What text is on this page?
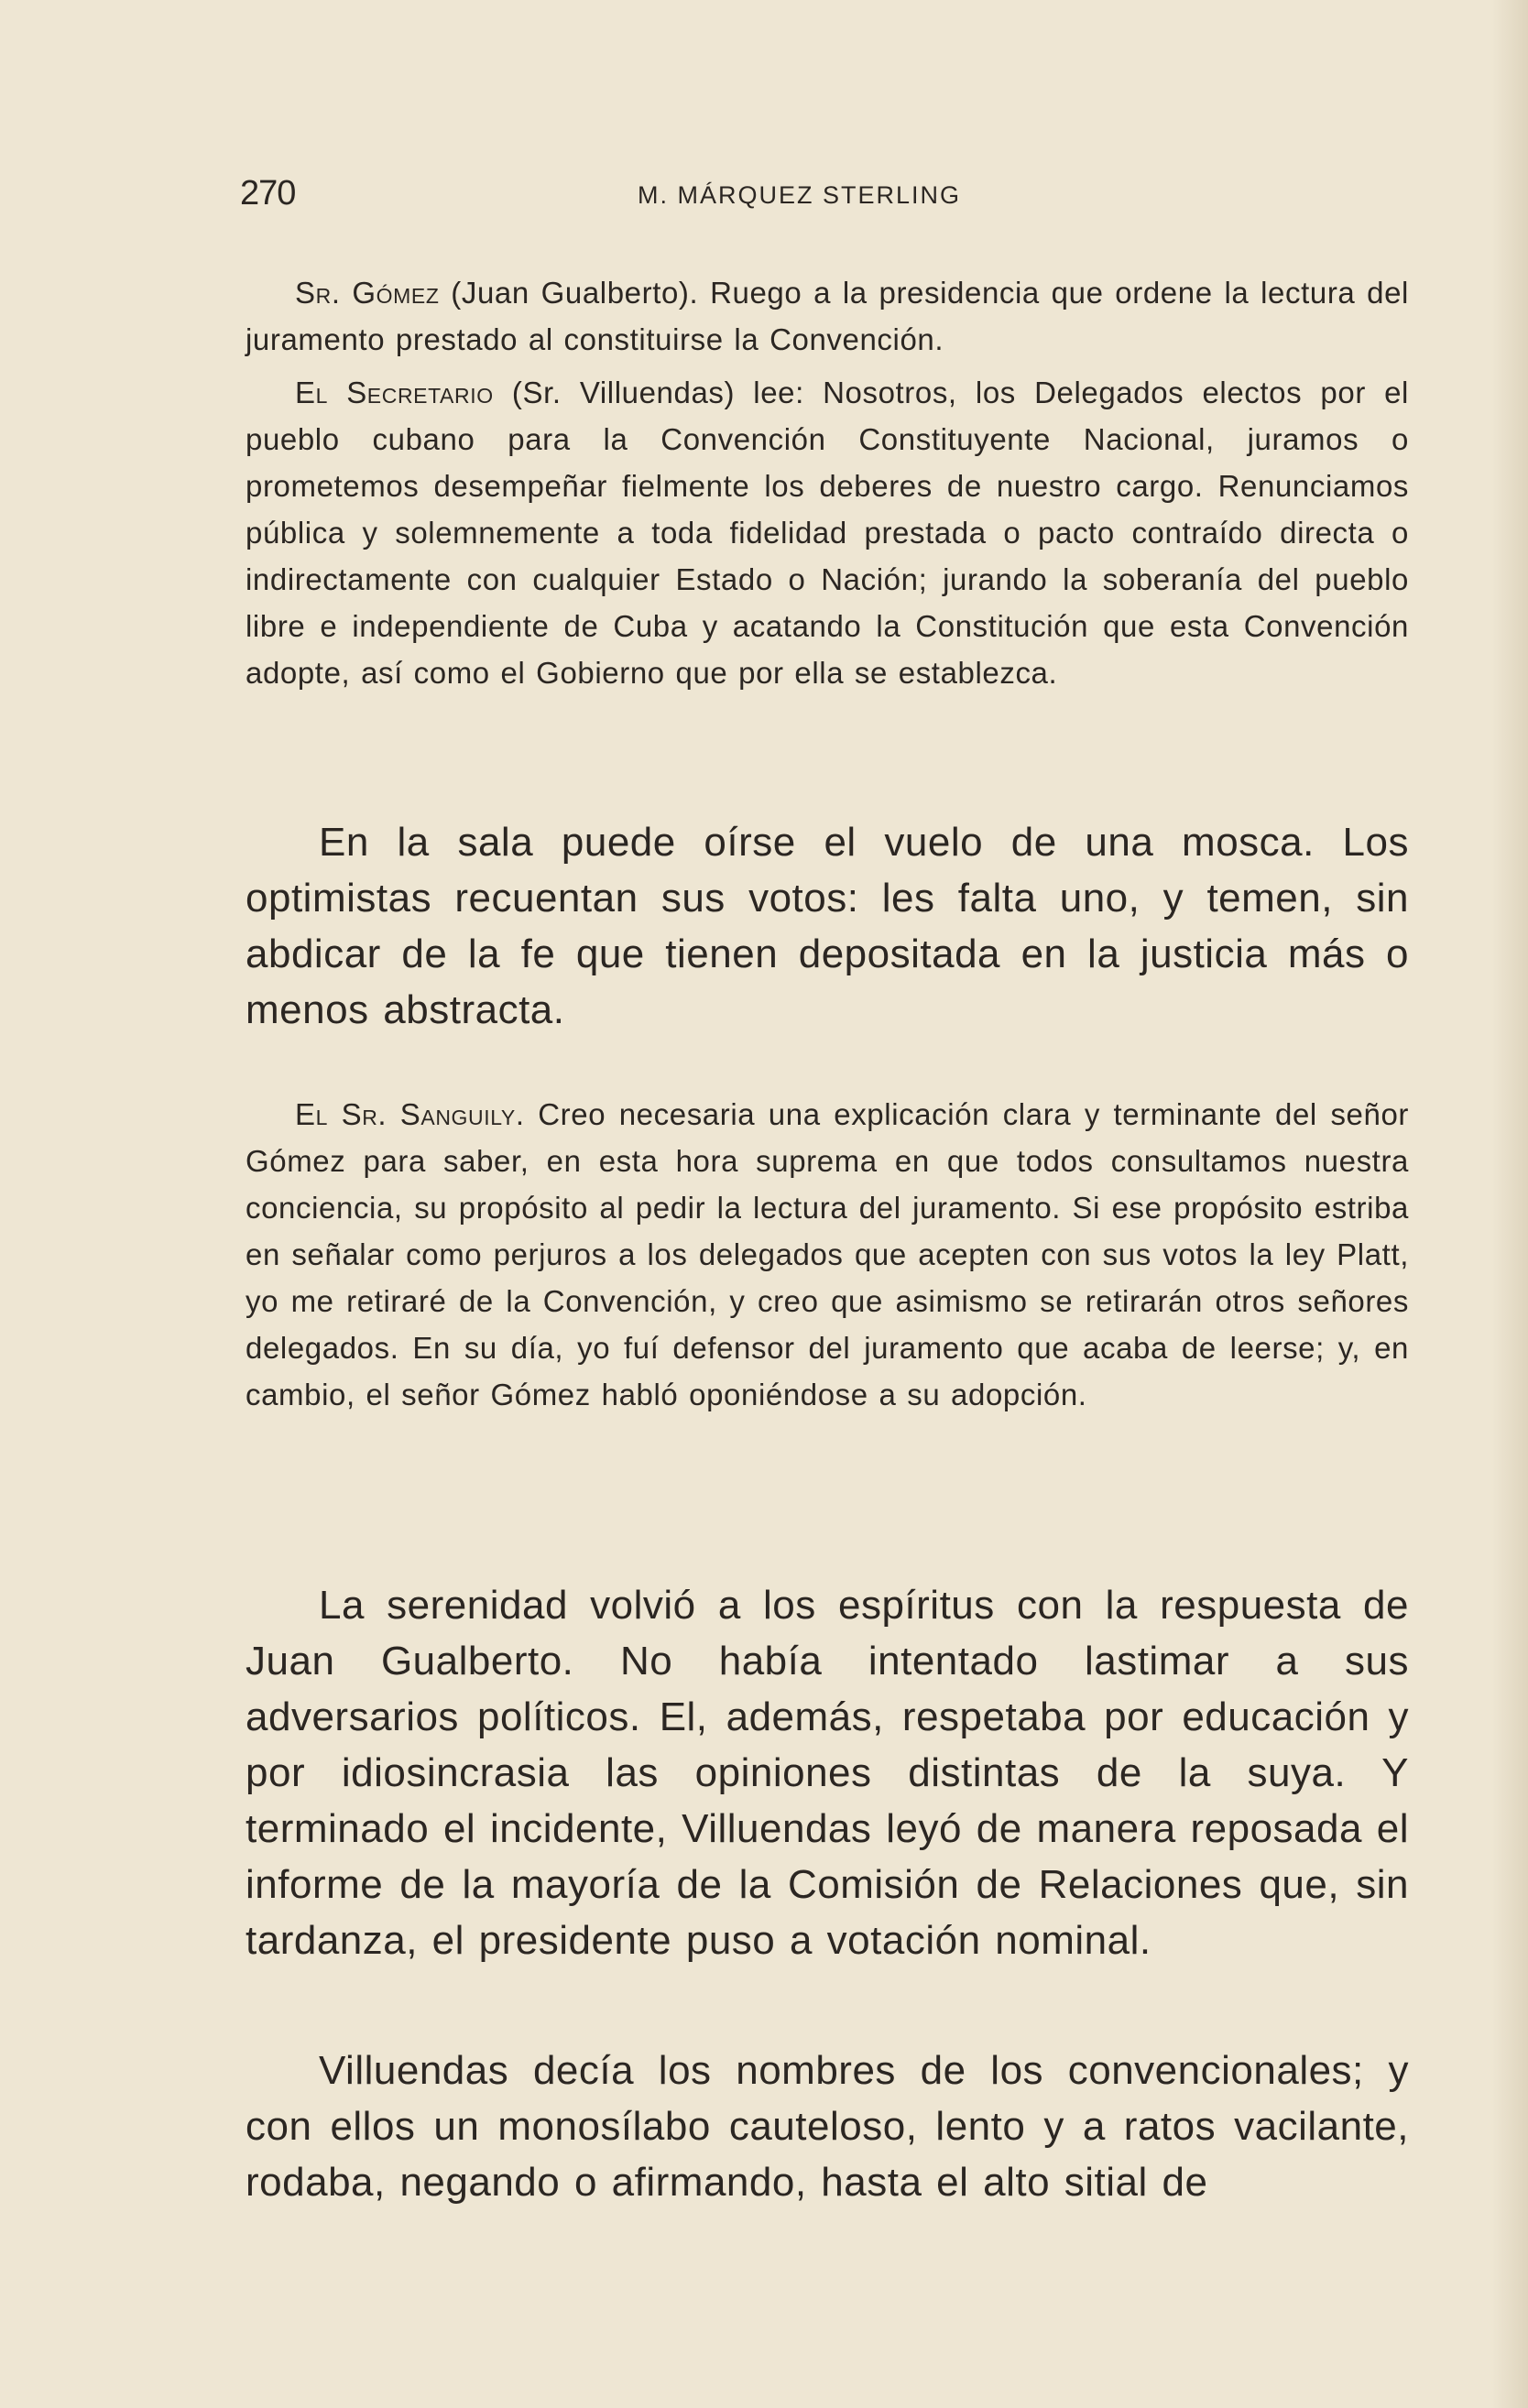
270	M. MÁRQUEZ STERLING

Sr. Gómez (Juan Gualberto). Ruego a la presidencia que ordene la lectura del juramento prestado al constituirse la Convención.

El Secretario (Sr. Villuendas) lee: Nosotros, los Delegados electos por el pueblo cubano para la Convención Constituyente Nacional, juramos o prometemos desempeñar fielmente los deberes de nuestro cargo. Renunciamos pública y solemnemente a toda fidelidad prestada o pacto contraído directa o indirectamente con cualquier Estado o Nación; jurando la soberanía del pueblo libre e independiente de Cuba y acatando la Constitución que esta Convención adopte, así como el Gobierno que por ella se establezca.

En la sala puede oírse el vuelo de una mosca. Los optimistas recuentan sus votos: les falta uno, y temen, sin abdicar de la fe que tienen depositada en la justicia más o menos abstracta.

El Sr. Sanguily. Creo necesaria una explicación clara y terminante del señor Gómez para saber, en esta hora suprema en que todos consultamos nuestra conciencia, su propósito al pedir la lectura del juramento. Si ese propósito estriba en señalar como perjuros a los delegados que acepten con sus votos la ley Platt, yo me retiraré de la Convención, y creo que asimismo se retirarán otros señores delegados. En su día, yo fuí defensor del juramento que acaba de leerse; y, en cambio, el señor Gómez habló oponiéndose a su adopción.

La serenidad volvió a los espíritus con la respuesta de Juan Gualberto. No había intentado lastimar a sus adversarios políticos. El, además, respetaba por educación y por idiosincrasia las opiniones distintas de la suya. Y terminado el incidente, Villuendas leyó de manera reposada el informe de la mayoría de la Comisión de Relaciones que, sin tardanza, el presidente puso a votación nominal.

Villuendas decía los nombres de los convencionales; y con ellos un monosílabo cauteloso, lento y a ratos vacilante, rodaba, negando o afirmando, hasta el alto sitial de
